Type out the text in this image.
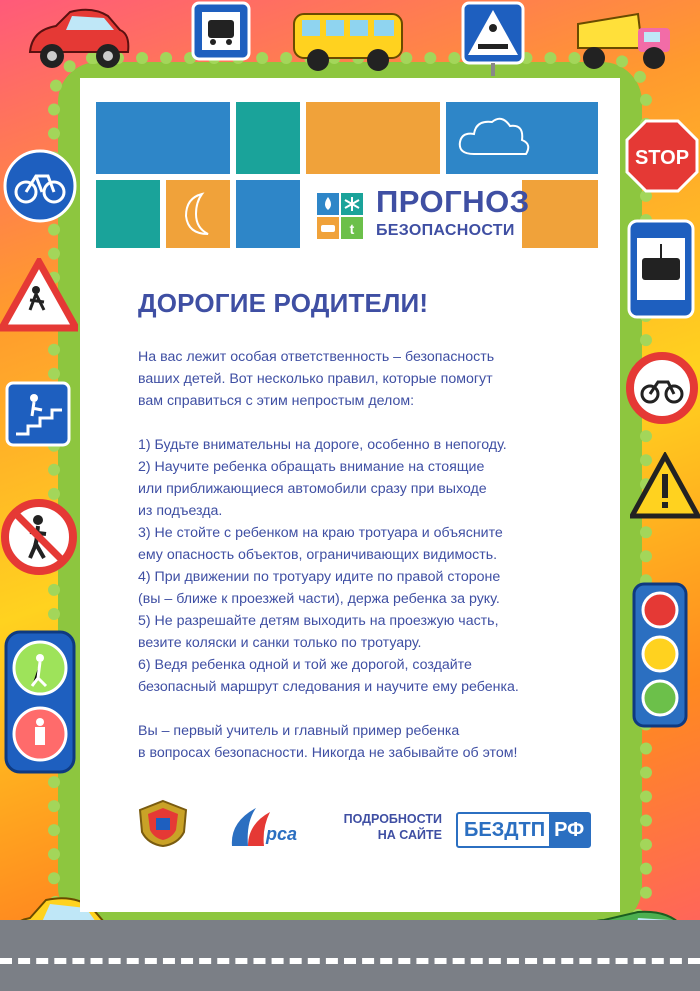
STOP
t
ПРОГНОЗ
БЕЗОПАСНОСТИ
ДОРОГИЕ РОДИТЕЛИ!

На вас лежит особая ответственность – безопасность
ваших детей. Вот несколько правил, которые помогут
вам справиться с этим непростым делом:

1) Будьте внимательны на дороге, особенно в непогоду.
2) Научите ребенка обращать внимание на стоящие
или приближающиеся автомобили сразу при выходе
из подъезда.
3) Не стойте с ребенком на краю тротуара и объясните
ему опасность объектов, ограничивающих видимость.
4) При движении по тротуару идите по правой стороне
(вы – ближе к проезжей части), держа ребенка за руку.
5) Не разрешайте детям выходить на проезжую часть,
везите коляски и санки только по тротуару.
6) Ведя ребенка одной и той же дорогой, создайте
безопасный маршрут следования и научите ему ребенка.

Вы – первый учитель и главный пример ребенка
в вопросах безопасности. Никогда не забывайте об этом!

рса
ПОДРОБНОСТИ
НА САЙТЕ БЕЗДТП РФ
